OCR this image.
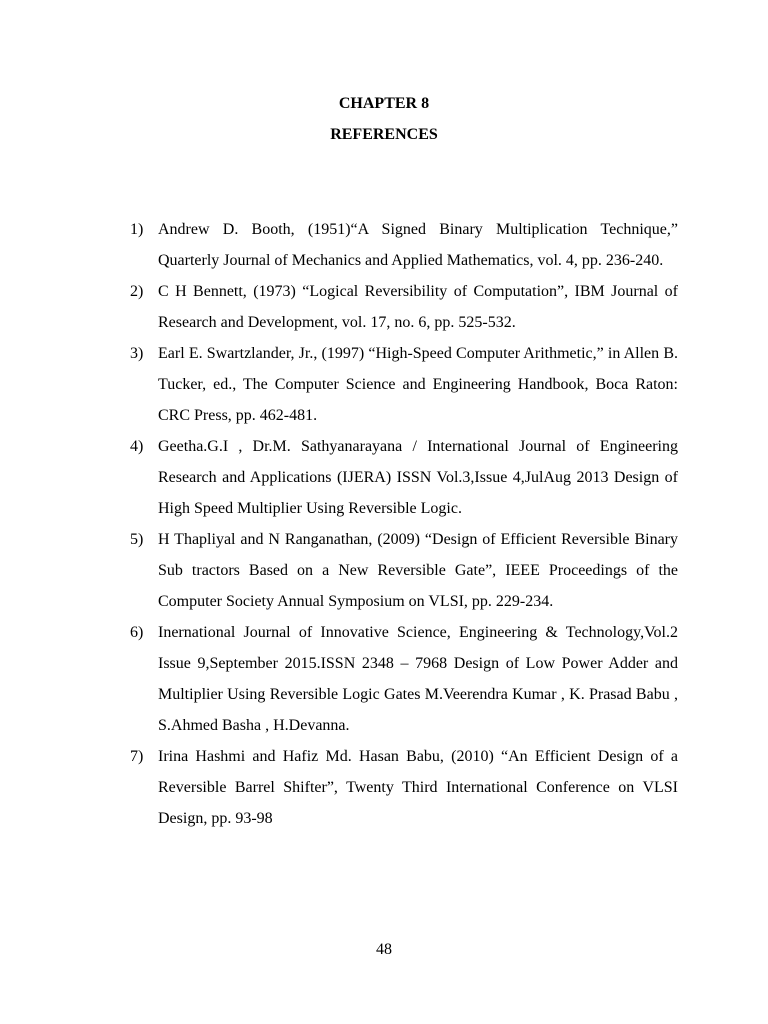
CHAPTER 8
REFERENCES
1) Andrew D. Booth, (1951)“A Signed Binary Multiplication Technique,” Quarterly Journal of Mechanics and Applied Mathematics, vol. 4, pp. 236-240.
2) C H Bennett, (1973) “Logical Reversibility of Computation”, IBM Journal of Research and Development, vol. 17, no. 6, pp. 525-532.
3) Earl E. Swartzlander, Jr., (1997) “High-Speed Computer Arithmetic,” in Allen B. Tucker, ed., The Computer Science and Engineering Handbook, Boca Raton: CRC Press, pp. 462-481.
4) Geetha.G.I , Dr.M. Sathyanarayana / International Journal of Engineering Research and Applications (IJERA) ISSN Vol.3,Issue 4,JulAug 2013 Design of High Speed Multiplier Using Reversible Logic.
5) H Thapliyal and N Ranganathan, (2009) “Design of Efficient Reversible Binary Sub tractors Based on a New Reversible Gate”, IEEE Proceedings of the Computer Society Annual Symposium on VLSI, pp. 229-234.
6) Inernational Journal of Innovative Science, Engineering & Technology,Vol.2 Issue 9,September 2015.ISSN 2348 – 7968 Design of Low Power Adder and Multiplier Using Reversible Logic Gates M.Veerendra Kumar , K. Prasad Babu , S.Ahmed Basha , H.Devanna.
7) Irina Hashmi and Hafiz Md. Hasan Babu, (2010) “An Efficient Design of a Reversible Barrel Shifter”, Twenty Third International Conference on VLSI Design, pp. 93-98
48
